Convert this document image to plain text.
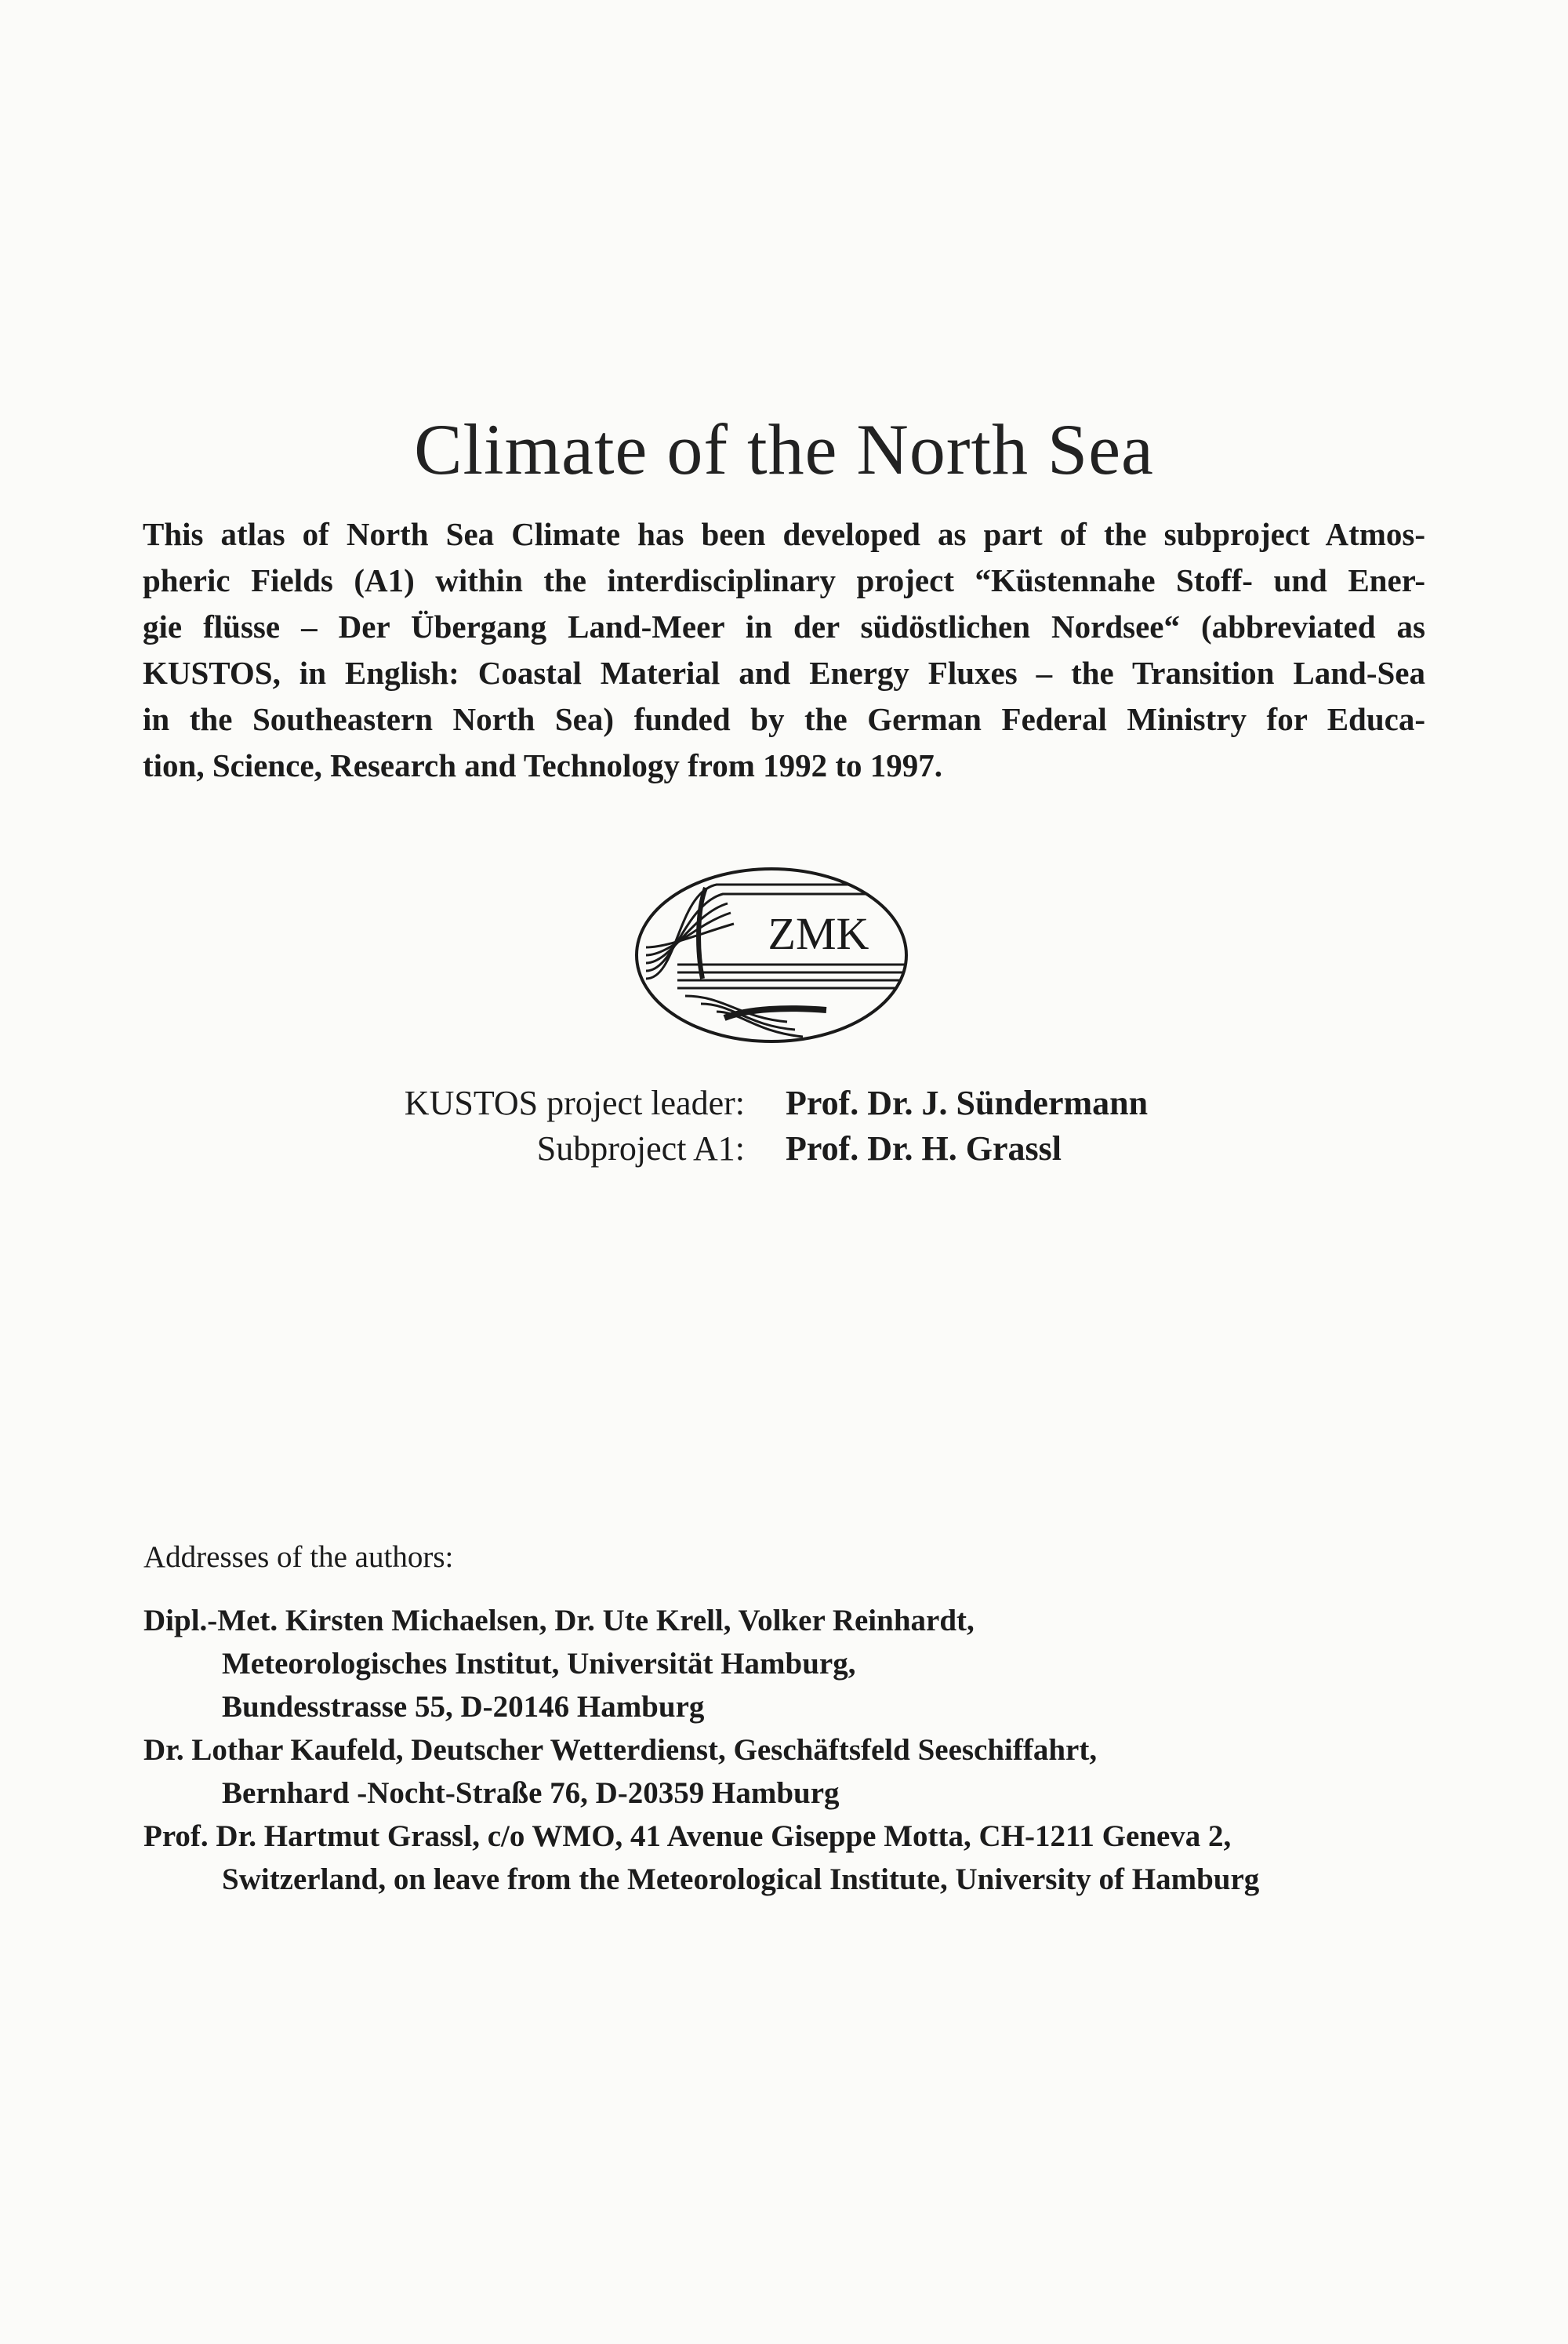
Climate of the North Sea

This atlas of North Sea Climate has been developed as part of the subproject Atmos-
pheric Fields (A1) within the interdisciplinary project “Küstennahe Stoff- und Ener-
gie flüsse – Der Übergang Land-Meer in der südöstlichen Nordsee“ (abbreviated as
KUSTOS, in English: Coastal Material and Energy Fluxes – the Transition Land-Sea
in the Southeastern North Sea) funded by the German Federal Ministry for Educa-
tion, Science, Research and Technology from 1992 to 1997.

ZMK
KUSTOS project leader: Prof. Dr. J. Sündermann
Subproject A1: Prof. Dr. H. Grassl
Addresses of the authors:
Dipl.-Met. Kirsten Michaelsen, Dr. Ute Krell, Volker Reinhardt,
Meteorologisches Institut, Universität Hamburg,
Bundesstrasse 55, D-20146 Hamburg
Dr. Lothar Kaufeld, Deutscher Wetterdienst, Geschäftsfeld Seeschiffahrt,
Bernhard -Nocht-Straße 76, D-20359 Hamburg
Prof. Dr. Hartmut Grassl, c/o WMO, 41 Avenue Giseppe Motta, CH-1211 Geneva 2,
Switzerland, on leave from the Meteorological Institute, University of Hamburg
